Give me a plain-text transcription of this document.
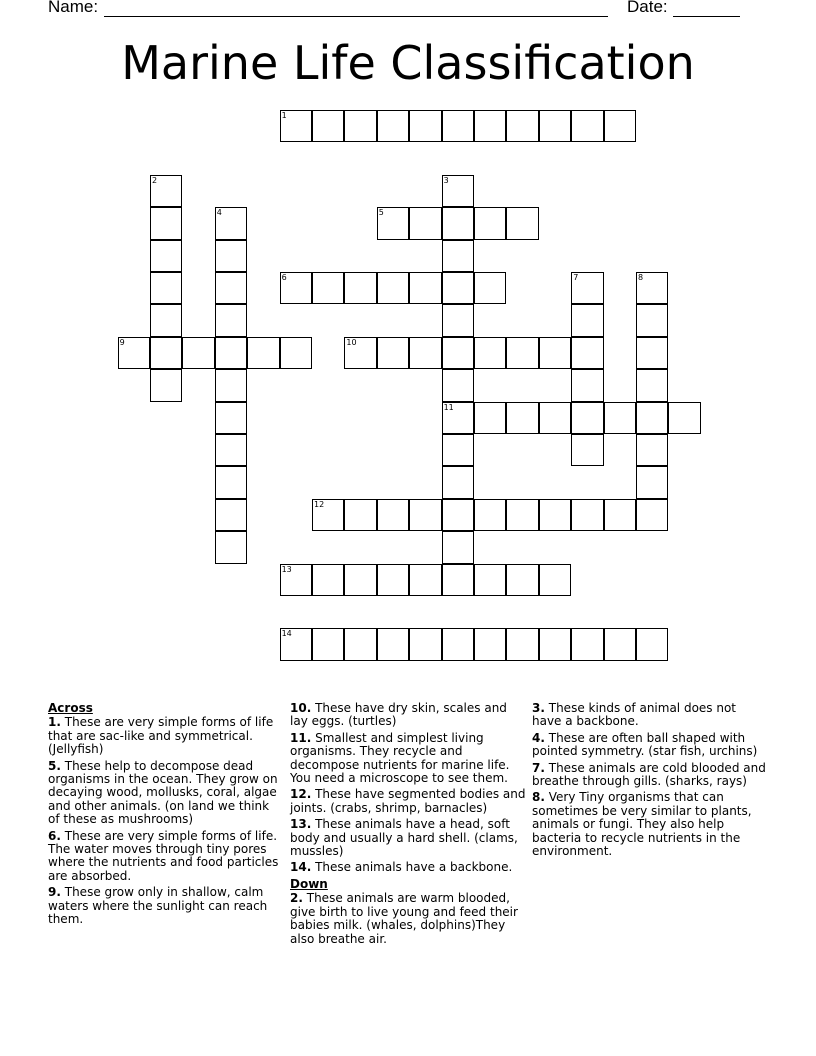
Name:	Date:
Marine Life Classification
1
2	3
4	5
6	7	8
9	10
11
12
13
14
Across
1. These are very simple forms of life that are sac-like and symmetrical. (Jellyfish)
5. These help to decompose dead organisms in the ocean. They grow on decaying wood, mollusks, coral, algae and other animals. (on land we think of these as mushrooms)
6. These are very simple forms of life. The water moves through tiny pores where the nutrients and food particles are absorbed.
9. These grow only in shallow, calm waters where the sunlight can reach them.
10. These have dry skin, scales and lay eggs. (turtles)
11. Smallest and simplest living organisms. They recycle and decompose nutrients for marine life. You need a microscope to see them.
12. These have segmented bodies and joints. (crabs, shrimp, barnacles)
13. These animals have a head, soft body and usually a hard shell. (clams, mussles)
14. These animals have a backbone.
Down
2. These animals are warm blooded, give birth to live young and feed their babies milk. (whales, dolphins)They also breathe air.
3. These kinds of animal does not have a backbone.
4. These are often ball shaped with pointed symmetry. (star fish, urchins)
7. These animals are cold blooded and breathe through gills. (sharks, rays)
8. Very Tiny organisms that can sometimes be very similar to plants, animals or fungi. They also help bacteria to recycle nutrients in the environment.
